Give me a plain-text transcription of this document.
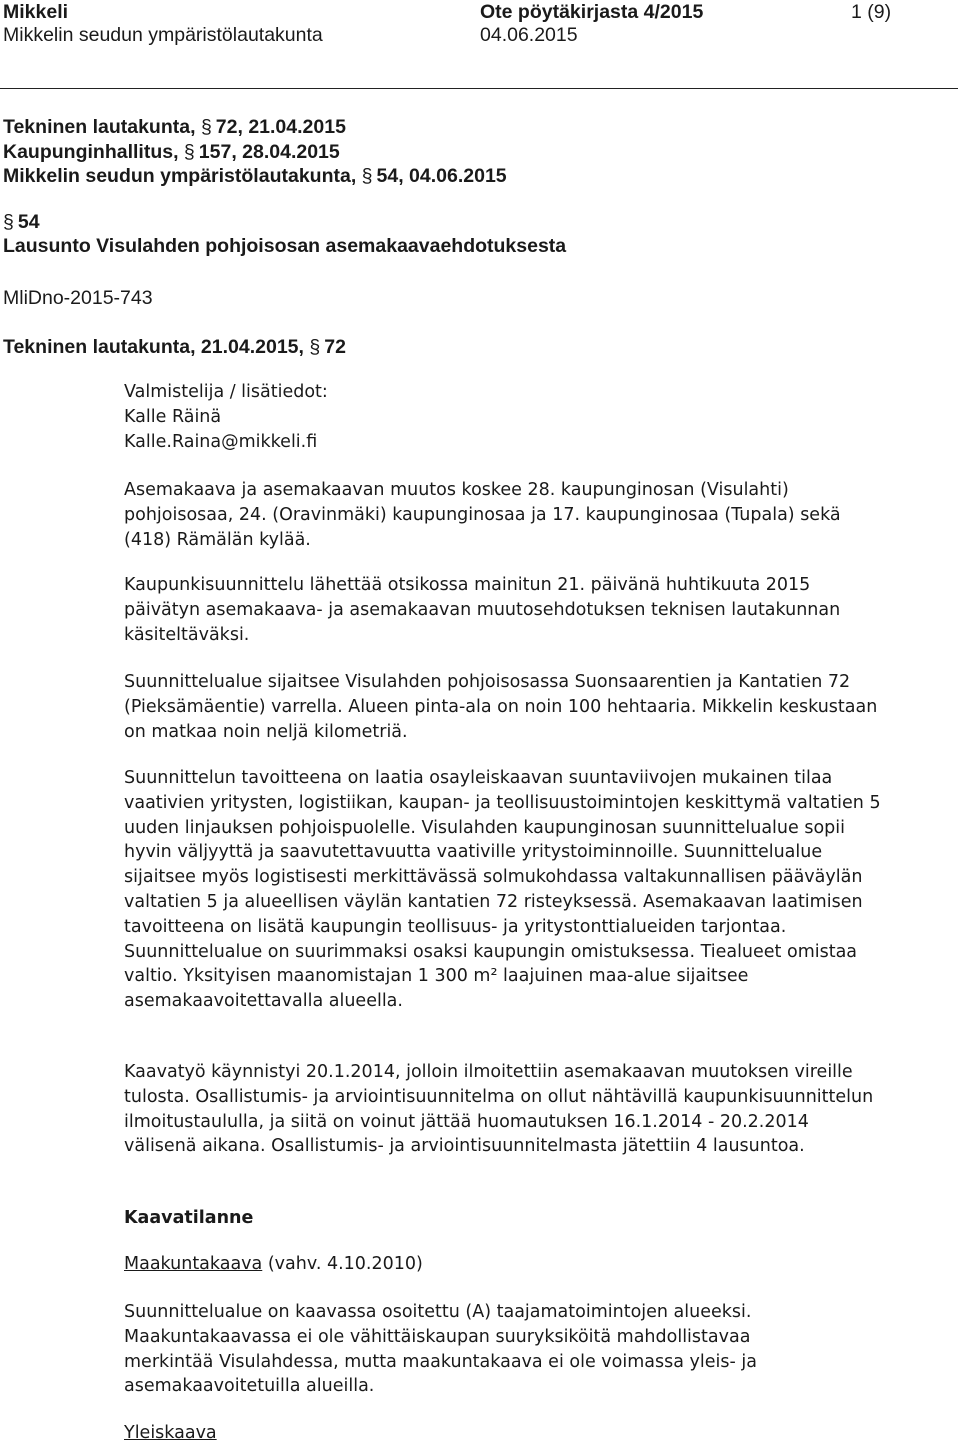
Mikkeli
Mikkelin seudun ympäristölautakunta
Ote pöytäkirjasta 4/2015
04.06.2015
1 (9)
Tekninen lautakunta, § 72, 21.04.2015
Kaupunginhallitus, § 157, 28.04.2015
Mikkelin seudun ympäristölautakunta, § 54, 04.06.2015
§ 54
Lausunto Visulahden pohjoisosan asemakaavaehdotuksesta
MliDno-2015-743
Tekninen lautakunta, 21.04.2015, § 72

Valmistelija / lisätiedot:

Kalle Räinä

Kalle.Raina@mikkeli.fi

Asemakaava ja asemakaavan muutos koskee 28. kaupunginosan (Visulahti) pohjoisosaa, 24. (Oravinmäki) kaupunginosaa ja 17. kaupunginosaa (Tupala) sekä (418) Rämälän kylää.

Kaupunkisuunnittelu lähettää otsikossa mainitun 21. päivänä huhtikuuta 2015 päivätyn asemakaava- ja asemakaavan muutosehdotuksen teknisen lautakunnan käsiteltäväksi.

Suunnittelualue sijaitsee Visulahden pohjoisosassa Suonsaarentien ja Kantatien 72 (Pieksämäentie) varrella. Alueen pinta-ala on noin 100 hehtaaria. Mikkelin keskustaan on matkaa noin neljä kilometriä.

Suunnittelun tavoitteena on laatia osayleiskaavan suuntaviivojen mukainen tilaa vaativien yritysten, logistiikan, kaupan- ja teollisuustoimintojen keskittymä valtatien 5 uuden linjauksen pohjoispuolelle. Visulahden kaupunginosan suunnittelualue sopii hyvin väljyyttä ja saavutettavuutta vaativille yritystoiminnoille. Suunnittelualue sijaitsee myös logistisesti merkittävässä solmukohdassa valtakunnallisen pääväylän valtatien 5 ja alueellisen väylän kantatien 72 risteyksessä. Asemakaavan laatimisen tavoitteena on lisätä kaupungin teollisuus- ja yritystonttialueiden tarjontaa. Suunnittelualue on suurimmaksi osaksi kaupungin omistuksessa. Tiealueet omistaa valtio. Yksityisen maanomistajan 1 300 m² laajuinen maa-alue sijaitsee asemakaavoitettavalla alueella.

Kaavatyö käynnistyi 20.1.2014, jolloin ilmoitettiin asemakaavan muutoksen vireille tulosta. Osallistumis- ja arviointisuunnitelma on ollut nähtävillä kaupunkisuunnittelun ilmoitustaululla, ja siitä on voinut jättää huomautuksen 16.1.2014 - 20.2.2014 välisenä aikana. Osallistumis- ja arviointisuunnitelmasta jätettiin 4 lausuntoa.

Kaavatilanne
Maakuntakaava (vahv. 4.10.2010)

Suunnittelualue on kaavassa osoitettu (A) taajamatoimintojen alueeksi. Maakuntakaavassa ei ole vähittäiskaupan suuryksiköitä mahdollistavaa merkintää Visulahdessa, mutta maakuntakaava ei ole voimassa yleis- ja asemakaavoitetuilla alueilla.

Yleiskaava
